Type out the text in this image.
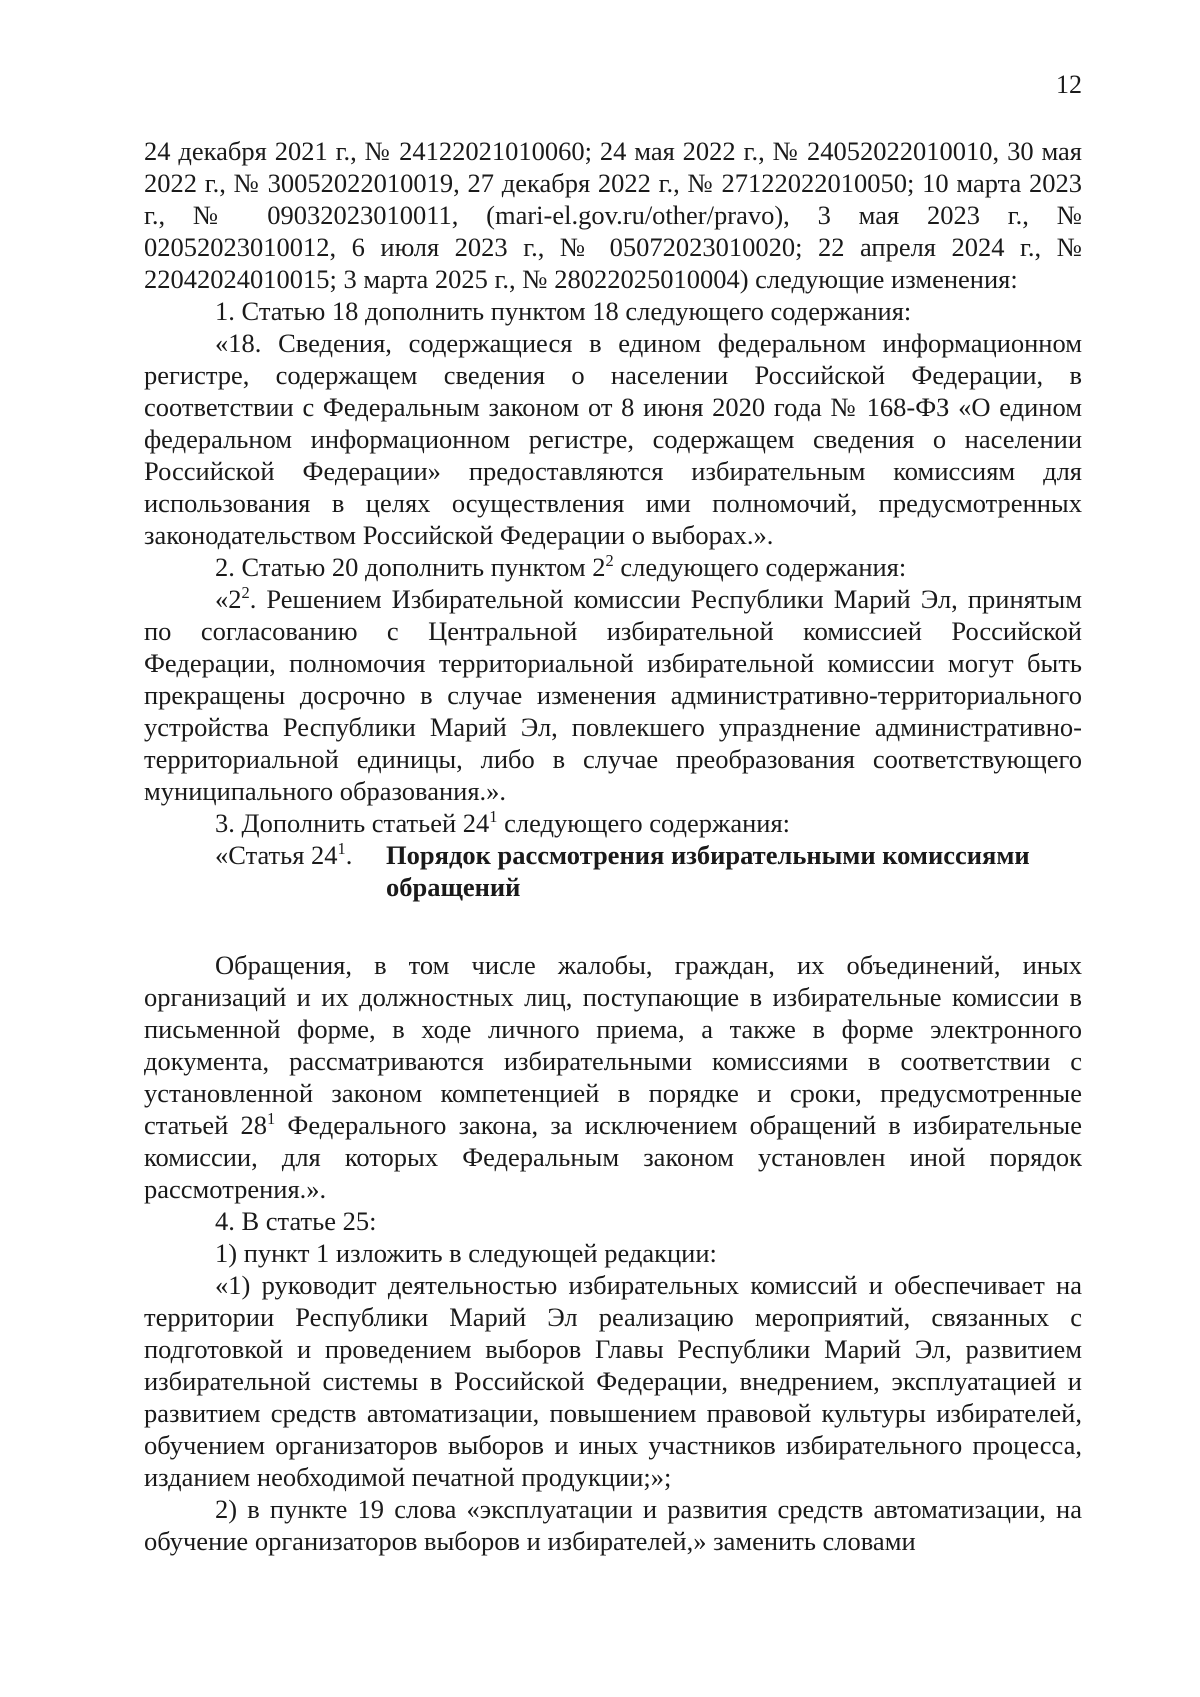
12

24 декабря 2021 г., № 24122021010060; 24 мая 2022 г., № 24052022010010, 30 мая 2022 г., № 30052022010019, 27 декабря 2022 г., № 27122022010050; 10 марта 2023 г., № 09032023010011, (mari-el.gov.ru/other/pravo), 3 мая 2023 г., № 02052023010012, 6 июля 2023 г., № 05072023010020; 22 апреля 2024 г., № 22042024010015; 3 марта 2025 г., № 28022025010004) следующие изменения:

1. Статью 18 дополнить пунктом 18 следующего содержания:

«18. Сведения, содержащиеся в едином федеральном информационном регистре, содержащем сведения о населении Российской Федерации, в соответствии с Федеральным законом от 8 июня 2020 года № 168-ФЗ «О едином федеральном информационном регистре, содержащем сведения о населении Российской Федерации» предоставляются избирательным комиссиям для использования в целях осуществления ими полномочий, предусмотренных законодательством Российской Федерации о выборах.».

2. Статью 20 дополнить пунктом $2^2$ следующего содержания:

«$2^2$. Решением Избирательной комиссии Республики Марий Эл, принятым по согласованию с Центральной избирательной комиссией Российской Федерации, полномочия территориальной избирательной комиссии могут быть прекращены досрочно в случае изменения административно-территориального устройства Республики Марий Эл, повлекшего упразднение административно-территориальной единицы, либо в случае преобразования соответствующего муниципального образования.».

3. Дополнить статьей $24^1$ следующего содержания:

«Статья $24^1$.	Порядок рассмотрения избирательными комиссиями обращений

Обращения, в том числе жалобы, граждан, их объединений, иных организаций и их должностных лиц, поступающие в избирательные комиссии в письменной форме, в ходе личного приема, а также в форме электронного документа, рассматриваются избирательными комиссиями в соответствии с установленной законом компетенцией в порядке и сроки, предусмотренные статьей $28^1$ Федерального закона, за исключением обращений в избирательные комиссии, для которых Федеральным законом установлен иной порядок рассмотрения.».

4. В статье 25:

1) пункт 1 изложить в следующей редакции:

«1) руководит деятельностью избирательных комиссий и обеспечивает на территории Республики Марий Эл реализацию мероприятий, связанных с подготовкой и проведением выборов Главы Республики Марий Эл, развитием избирательной системы в Российской Федерации, внедрением, эксплуатацией и развитием средств автоматизации, повышением правовой культуры избирателей, обучением организаторов выборов и иных участников избирательного процесса, изданием необходимой печатной продукции;»;

2) в пункте 19 слова «эксплуатации и развития средств автоматизации, на обучение организаторов выборов и избирателей,» заменить словами
